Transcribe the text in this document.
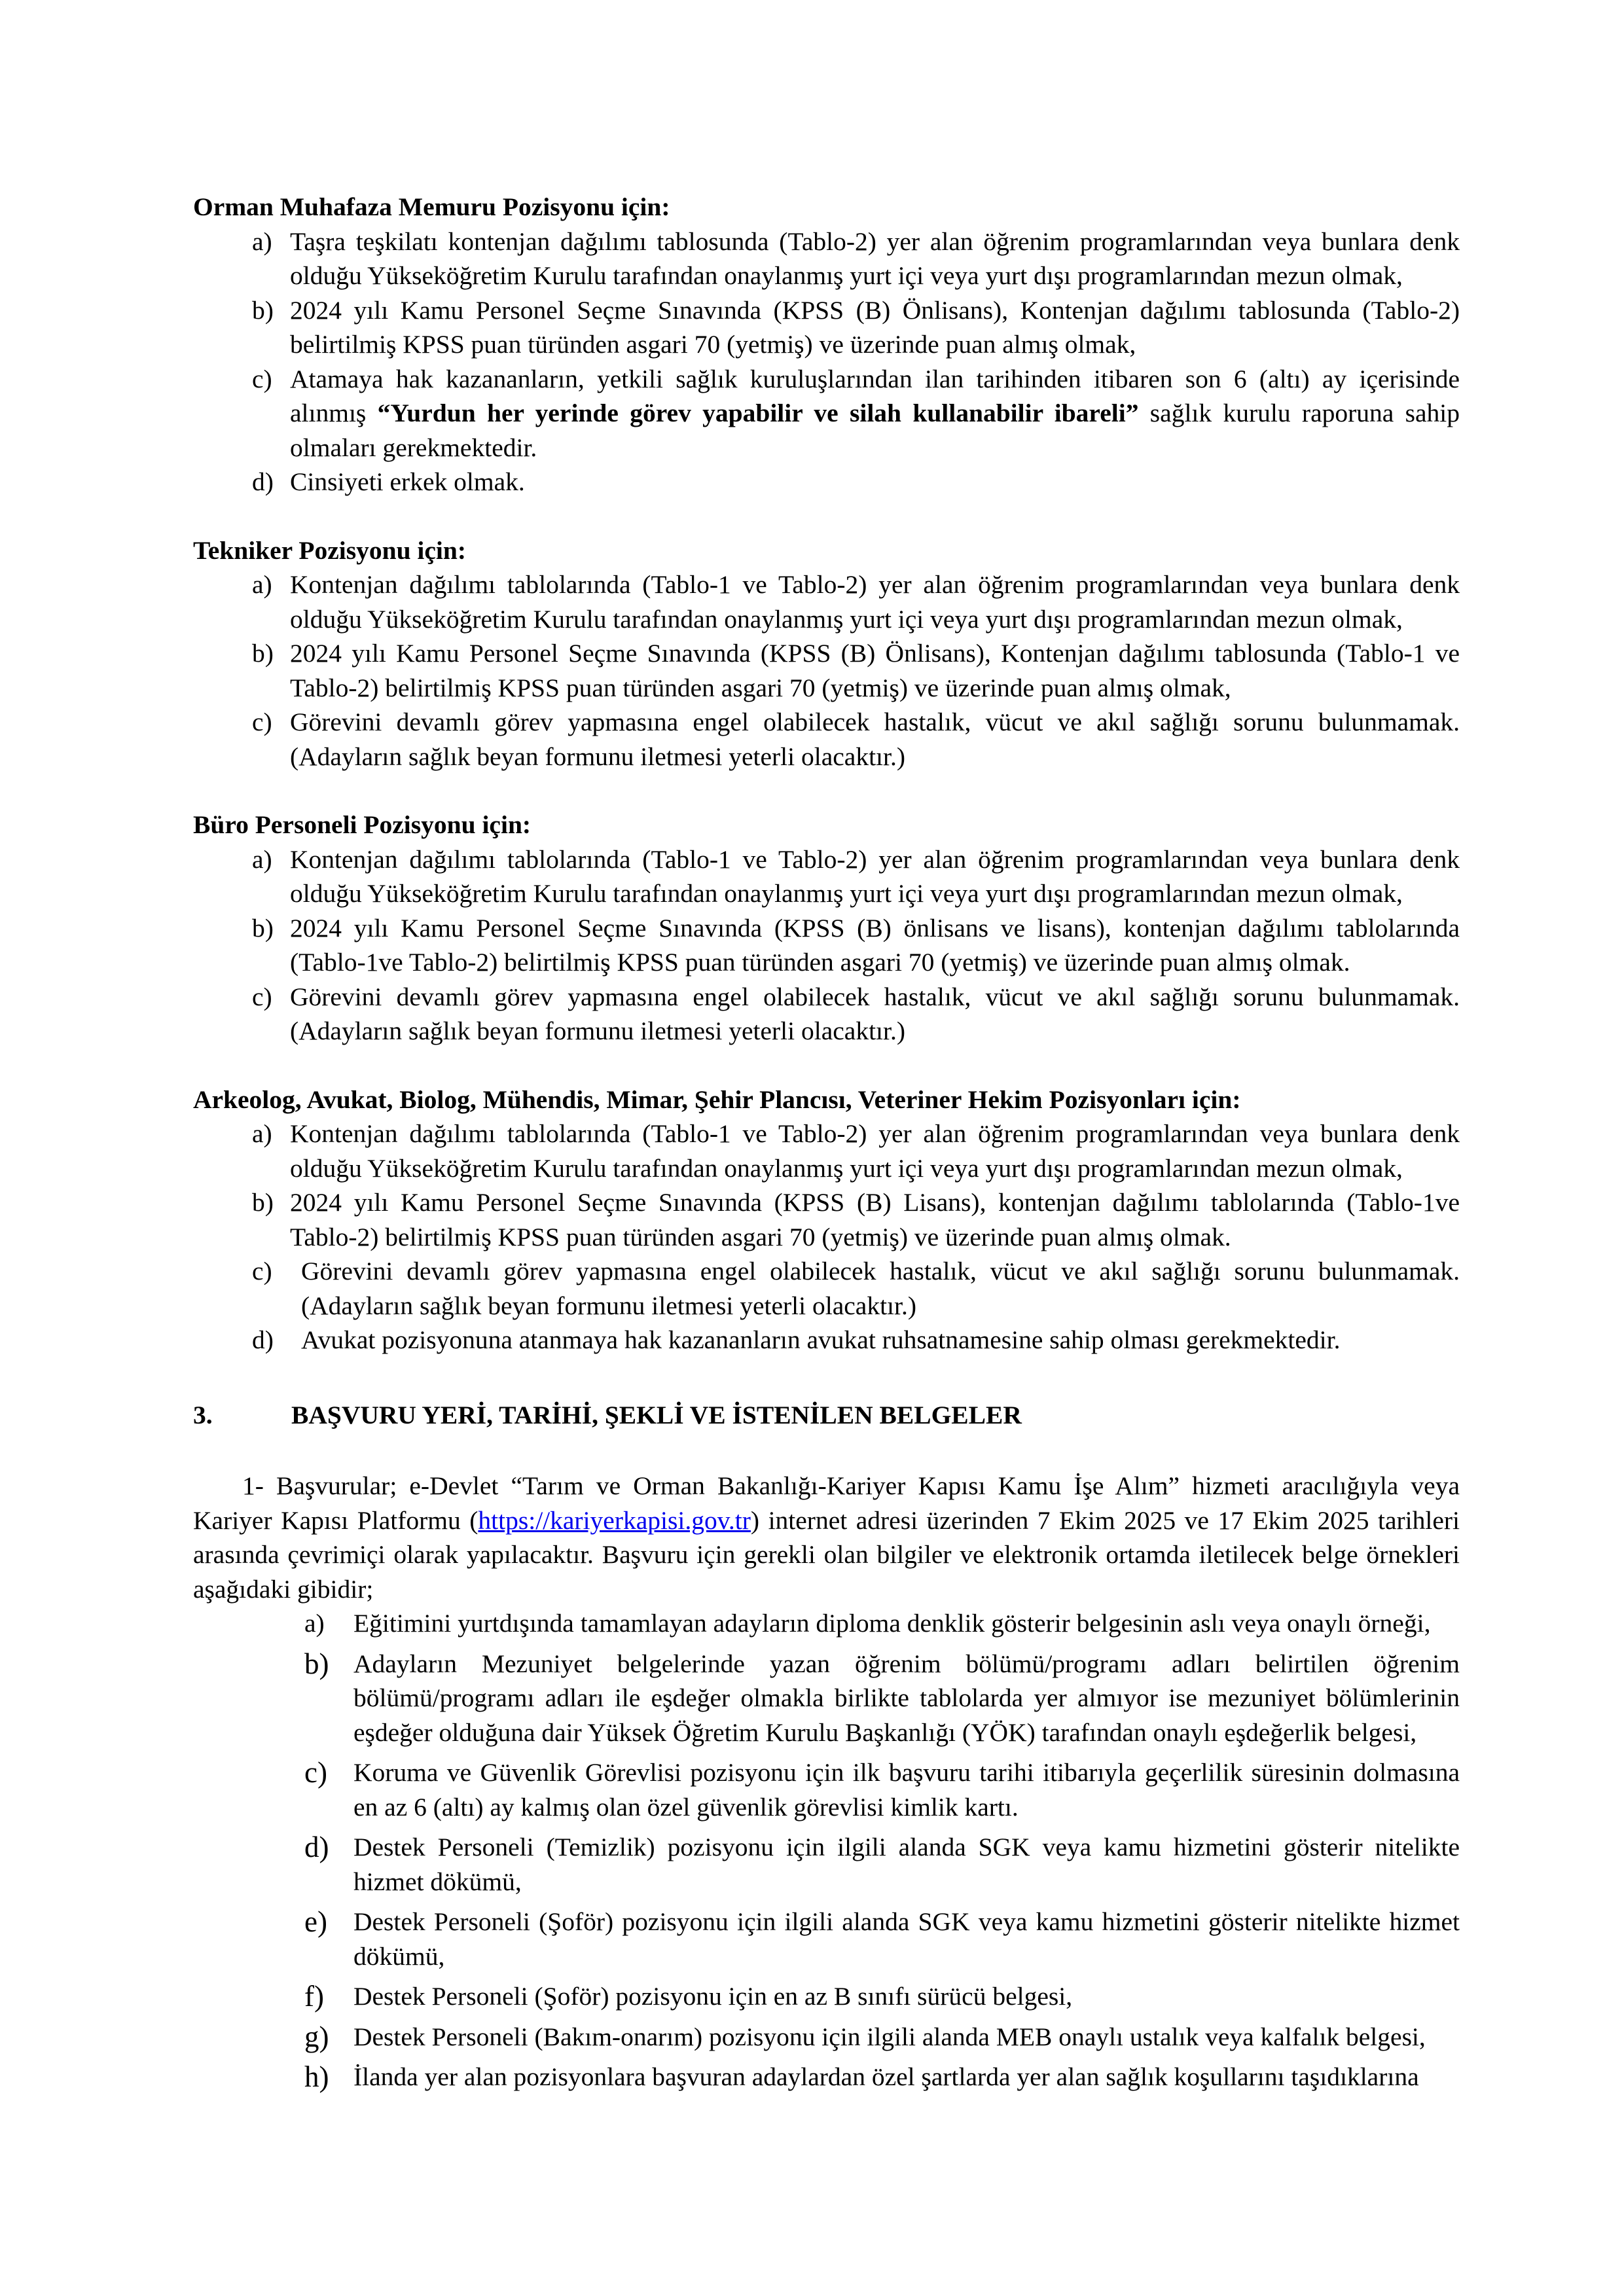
Orman Muhafaza Memuru Pozisyonu için:

a) Taşra teşkilatı kontenjan dağılımı tablosunda (Tablo-2) yer alan öğrenim programlarından veya bunlara denk olduğu Yükseköğretim Kurulu tarafından onaylanmış yurt içi veya yurt dışı programlarından mezun olmak,
b) 2024 yılı Kamu Personel Seçme Sınavında (KPSS (B) Önlisans), Kontenjan dağılımı tablosunda (Tablo-2) belirtilmiş KPSS puan türünden asgari 70 (yetmiş) ve üzerinde puan almış olmak,
c) Atamaya hak kazananların, yetkili sağlık kuruluşlarından ilan tarihinden itibaren son 6 (altı) ay içerisinde alınmış “Yurdun her yerinde görev yapabilir ve silah kullanabilir ibareli” sağlık kurulu raporuna sahip olmaları gerekmektedir.
d) Cinsiyeti erkek olmak.

Tekniker Pozisyonu için:

a) Kontenjan dağılımı tablolarında (Tablo-1 ve Tablo-2) yer alan öğrenim programlarından veya bunlara denk olduğu Yükseköğretim Kurulu tarafından onaylanmış yurt içi veya yurt dışı programlarından mezun olmak,
b) 2024 yılı Kamu Personel Seçme Sınavında (KPSS (B) Önlisans), Kontenjan dağılımı tablosunda (Tablo-1 ve Tablo-2) belirtilmiş KPSS puan türünden asgari 70 (yetmiş) ve üzerinde puan almış olmak,
c) Görevini devamlı görev yapmasına engel olabilecek hastalık, vücut ve akıl sağlığı sorunu bulunmamak. (Adayların sağlık beyan formunu iletmesi yeterli olacaktır.)

Büro Personeli Pozisyonu için:

a) Kontenjan dağılımı tablolarında (Tablo-1 ve Tablo-2) yer alan öğrenim programlarından veya bunlara denk olduğu Yükseköğretim Kurulu tarafından onaylanmış yurt içi veya yurt dışı programlarından mezun olmak,
b) 2024 yılı Kamu Personel Seçme Sınavında (KPSS (B) önlisans ve lisans), kontenjan dağılımı tablolarında (Tablo-1ve Tablo-2) belirtilmiş KPSS puan türünden asgari 70 (yetmiş) ve üzerinde puan almış olmak.
c) Görevini devamlı görev yapmasına engel olabilecek hastalık, vücut ve akıl sağlığı sorunu bulunmamak. (Adayların sağlık beyan formunu iletmesi yeterli olacaktır.)

Arkeolog, Avukat, Biolog, Mühendis, Mimar, Şehir Plancısı, Veteriner Hekim Pozisyonları için:

a) Kontenjan dağılımı tablolarında (Tablo-1 ve Tablo-2) yer alan öğrenim programlarından veya bunlara denk olduğu Yükseköğretim Kurulu tarafından onaylanmış yurt içi veya yurt dışı programlarından mezun olmak,
b) 2024 yılı Kamu Personel Seçme Sınavında (KPSS (B) Lisans), kontenjan dağılımı tablolarında (Tablo-1ve Tablo-2) belirtilmiş KPSS puan türünden asgari 70 (yetmiş) ve üzerinde puan almış olmak.
c) Görevini devamlı görev yapmasına engel olabilecek hastalık, vücut ve akıl sağlığı sorunu bulunmamak. (Adayların sağlık beyan formunu iletmesi yeterli olacaktır.)
d) Avukat pozisyonuna atanmaya hak kazananların avukat ruhsatnamesine sahip olması gerekmektedir.

3.	BAŞVURU YERİ, TARİHİ, ŞEKLİ VE İSTENİLEN BELGELER

1- Başvurular; e-Devlet “Tarım ve Orman Bakanlığı-Kariyer Kapısı Kamu İşe Alım” hizmeti aracılığıyla veya Kariyer Kapısı Platformu (https://kariyerkapisi.gov.tr) internet adresi üzerinden 7 Ekim 2025 ve 17 Ekim 2025 tarihleri arasında çevrimiçi olarak yapılacaktır. Başvuru için gerekli olan bilgiler ve elektronik ortamda iletilecek belge örnekleri aşağıdaki gibidir;

a) Eğitimini yurtdışında tamamlayan adayların diploma denklik gösterir belgesinin aslı veya onaylı örneği,
b) Adayların Mezuniyet belgelerinde yazan öğrenim bölümü/programı adları belirtilen öğrenim bölümü/programı adları ile eşdeğer olmakla birlikte tablolarda yer almıyor ise mezuniyet bölümlerinin eşdeğer olduğuna dair Yüksek Öğretim Kurulu Başkanlığı (YÖK) tarafından onaylı eşdeğerlik belgesi,
c) Koruma ve Güvenlik Görevlisi pozisyonu için ilk başvuru tarihi itibarıyla geçerlilik süresinin dolmasına en az 6 (altı) ay kalmış olan özel güvenlik görevlisi kimlik kartı.
d) Destek Personeli (Temizlik) pozisyonu için ilgili alanda SGK veya kamu hizmetini gösterir nitelikte hizmet dökümü,
e) Destek Personeli (Şoför) pozisyonu için ilgili alanda SGK veya kamu hizmetini gösterir nitelikte hizmet dökümü,
f) Destek Personeli (Şoför) pozisyonu için en az B sınıfı sürücü belgesi,
g) Destek Personeli (Bakım-onarım) pozisyonu için ilgili alanda MEB onaylı ustalık veya kalfalık belgesi,
h) İlanda yer alan pozisyonlara başvuran adaylardan özel şartlarda yer alan sağlık koşullarını taşıdıklarına
